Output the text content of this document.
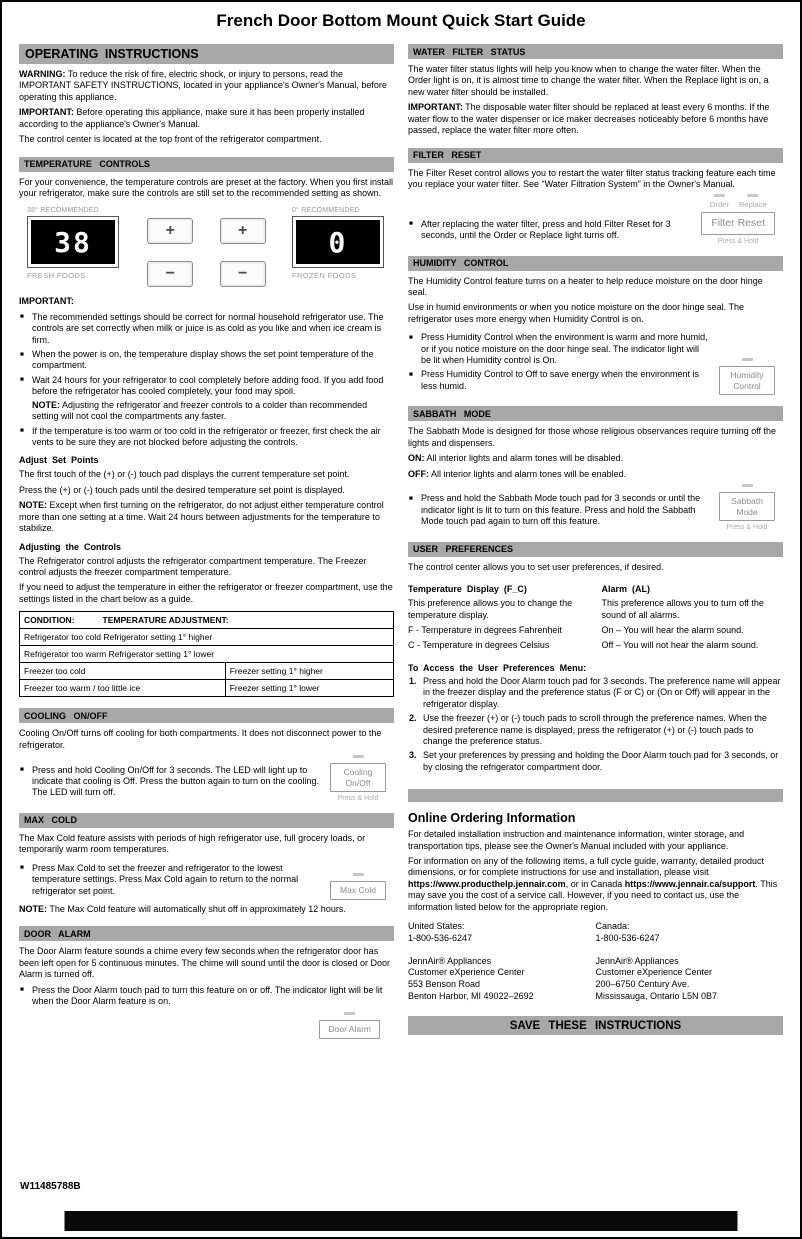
French Door Bottom Mount Quick Start Guide
OPERATING INSTRUCTIONS

WARNING: To reduce the risk of fire, electric shock, or injury to persons, read the IMPORTANT SAFETY INSTRUCTIONS, located in your appliance's Owner's Manual, before operating this appliance.

IMPORTANT: Before operating this appliance, make sure it has been properly installed according to the appliance's Owner's Manual.

The control center is located at the top front of the refrigerator compartment.

TEMPERATURE CONTROLS

For your convenience, the temperature controls are preset at the factory. When you first install your refrigerator, make sure the controls are still set to the recommended setting as shown.

38° RECOMMENDED
38
FRESH FOODS
+
−
+
−
0° RECOMMENDED
0
FROZEN FOODS

IMPORTANT:

■ The recommended settings should be correct for normal household refrigerator use. The controls are set correctly when milk or juice is as cold as you like and when ice cream is firm.
■ When the power is on, the temperature display shows the set point temperature of the compartment.
■ Wait 24 hours for your refrigerator to cool completely before adding food. If you add food before the refrigerator has cooled completely, your food may spoil.
NOTE: Adjusting the refrigerator and freezer controls to a colder than recommended setting will not cool the compartments any faster.
■ If the temperature is too warm or too cold in the refrigerator or freezer, first check the air vents to be sure they are not blocked before adjusting the controls.
Adjust Set Points

The first touch of the (+) or (-) touch pad displays the current temperature set point.

Press the (+) or (-) touch pads until the desired temperature set point is displayed.

NOTE: Except when first turning on the refrigerator, do not adjust either temperature control more than one setting at a time. Wait 24 hours between adjustments for the temperature to stabilize.

Adjusting the Controls

The Refrigerator control adjusts the refrigerator compartment temperature. The Freezer control adjusts the freezer compartment temperature.

If you need to adjust the temperature in either the refrigerator or freezer compartment, use the settings listed in the chart below as a guide.

CONDITION: TEMPERATURE ADJUSTMENT:	
Refrigerator too cold Refrigerator setting 1° higher	
Refrigerator too warm Refrigerator setting 1° lower	
Freezer too cold	Freezer setting 1° higher
Freezer too warm / too little ice	Freezer setting 1° lower
COOLING ON/OFF

Cooling On/Off turns off cooling for both compartments. It does not disconnect power to the refrigerator.

■ Press and hold Cooling On/Off for 3 seconds. The LED will light up to indicate that cooling is Off. Press the button again to turn on the cooling. The LED will turn off.
Cooling
On/Off
Press & Hold
MAX COLD

The Max Cold feature assists with periods of high refrigerator use, full grocery loads, or temporarily warm room temperatures.

■ Press Max Cold to set the freezer and refrigerator to the lowest temperature settings. Press Max Cold again to return to the normal refrigerator set point.	Max Cold

NOTE: The Max Cold feature will automatically shut off in approximately 12 hours.

DOOR ALARM

The Door Alarm feature sounds a chime every few seconds when the refrigerator door has been left open for 5 continuous minutes. The chime will sound until the door is closed or Door Alarm is turned off.

■ Press the Door Alarm touch pad to turn this feature on or off. The indicator light will be lit when the Door Alarm feature is on.
Door Alarm
WATER FILTER STATUS

The water filter status lights will help you know when to change the water filter. When the Order light is on, it is almost time to change the water filter. When the Replace light is on, a new water filter should be installed.

IMPORTANT: The disposable water filter should be replaced at least every 6 months. If the water flow to the water dispenser or ice maker decreases noticeably before 6 months have passed, replace the water filter more often.

FILTER RESET

The Filter Reset control allows you to restart the water filter status tracking feature each time you replace your water filter. See “Water Filtration System” in the Owner's Manual.

■ After replacing the water filter, press and hold Filter Reset for 3 seconds, until the Order or Replace light turns off.
Order Replace
Filter Reset
Press & Hold
HUMIDITY CONTROL

The Humidity Control feature turns on a heater to help reduce moisture on the door hinge seal.

Use in humid environments or when you notice moisture on the door hinge seal. The refrigerator uses more energy when Humidity Control is on.

■ Press Humidity Control when the environment is warm and more humid, or if you notice moisture on the door hinge seal. The indicator light will be lit when Humidity control is On.
■ Press Humidity Control to Off to save energy when the environment is less humid.
Humidity
Control
SABBATH MODE

The Sabbath Mode is designed for those whose religious observances require turning off the lights and dispensers.

ON: All interior lights and alarm tones will be disabled.

OFF: All interior lights and alarm tones will be enabled.

■ Press and hold the Sabbath Mode touch pad for 3 seconds or until the indicator light is lit to turn on this feature. Press and hold the Sabbath Mode touch pad again to turn off this feature.
Sabbath
Mode
Press & Hold
USER PREFERENCES

The control center allows you to set user preferences, if desired.

Temperature Display (F_C)

This preference allows you to change the temperature display.

F - Temperature in degrees Fahrenheit

C - Temperature in degrees Celsius

Alarm (AL)

This preference allows you to turn off the sound of all alarms.

On – You will hear the alarm sound.

Off – You will not hear the alarm sound.

To Access the User Preferences Menu:
Press and hold the Door Alarm touch pad for 3 seconds. The preference name will appear in the freezer display and the preference status (F or C) or (On or Off) will appear in the refrigerator display.
Use the freezer (+) or (-) touch pads to scroll through the preference names. When the desired preference name is displayed, press the refrigerator (+) or (-) touch pads to change the preference status.
Set your preferences by pressing and holding the Door Alarm touch pad for 3 seconds, or by closing the refrigerator compartment door.
Online Ordering Information

For detailed installation instruction and maintenance information, winter storage, and transportation tips, please see the Owner's Manual included with your appliance.

For information on any of the following items, a full cycle guide, warranty, detailed product dimensions, or for complete instructions for use and installation, please visit https://www.producthelp.jennair.com, or in Canada https://www.jennair.ca/support. This may save you the cost of a service call. However, if you need to contact us, use the information listed below for the appropriate region.

United States:
1-800-536-6247
JennAir® Appliances
Customer eXperience Center
553 Benson Road
Benton Harbor, MI 49022–2692
Canada:
1-800-536-6247
JennAir® Appliances
Customer eXperience Center
200–6750 Century Ave.
Mississauga, Ontario L5N 0B7
SAVE THESE INSTRUCTIONS
W11485788B
